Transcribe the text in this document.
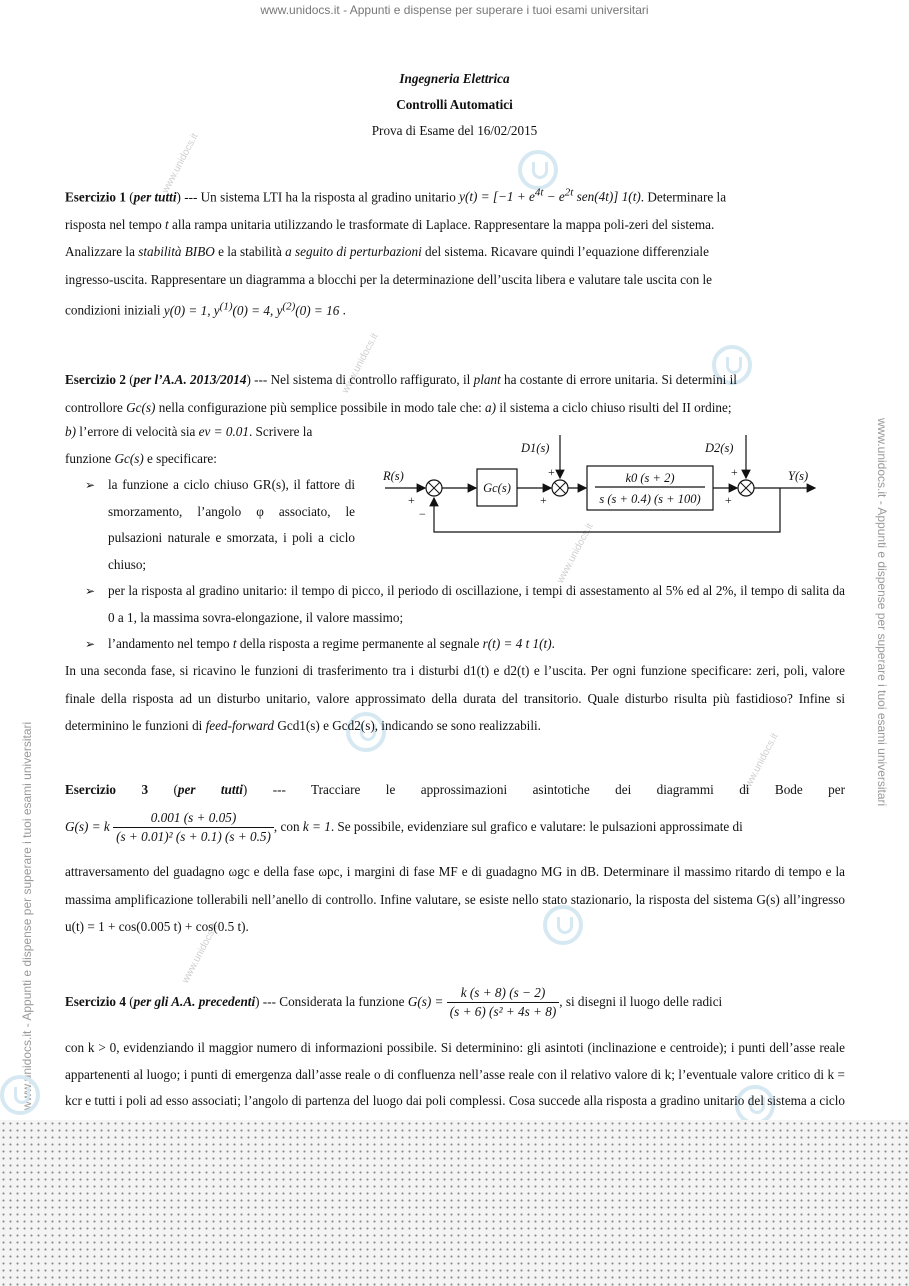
www.unidocs.it - Appunti e dispense per superare i tuoi esami universitari
www.unidocs.it - Appunti e dispense per superare i tuoi esami universitari
www.unidocs.it - Appunti e dispense per superare i tuoi esami universitari
www.unidocs.it
www.unidocs.it
www.unidocs.it
www.unidocs.it
www.unidocs.it
Ingegneria Elettrica
Controlli Automatici
Prova di Esame del 16/02/2015
Esercizio 1 (per tutti) --- Un sistema LTI ha la risposta al gradino unitario $y(t) = [-1 + e^{4t} - e^{2t}$ sen(4t)] 1(t). Determinare la
risposta nel tempo t alla rampa unitaria utilizzando le trasformate di Laplace. Rappresentare la mappa poli-zeri del sistema.
Analizzare la stabilità BIBO e la stabilità a seguito di perturbazioni del sistema. Ricavare quindi l’equazione differenziale
ingresso-uscita. Rappresentare un diagramma a blocchi per la determinazione dell’uscita libera e valutare tale uscita con le
condizioni iniziali y(0) = 1, $y^{(1)}(0) = 4$, $y^{(2)}(0) = 16$ .
Esercizio 2 (per l’A.A. 2013/2014) --- Nel sistema di controllo raffigurato, il plant ha costante di errore unitaria. Si determini il
controllore Gc(s) nella configurazione più semplice possibile in modo tale che: a) il sistema a ciclo chiuso risulti del II ordine;
b) l’errore di velocità sia ev = 0.01. Scrivere la
funzione Gc(s) e specificare:
➢ la funzione a ciclo chiuso GR(s), il fattore di smorzamento, l’angolo φ associato, le pulsazioni naturale e smorzata, i poli a ciclo chiuso;
➢ per la risposta al gradino unitario: il tempo di picco, il periodo di oscillazione, i tempi di assestamento al 5% ed al 2%, il tempo di salita da 0 a 1, la massima sovra-elongazione, il valore massimo;
➢ l’andamento nel tempo t della risposta a regime permanente al segnale r(t) = 4 t 1(t).
In una seconda fase, si ricavino le funzioni di trasferimento tra i disturbi d1(t) e d2(t) e l’uscita. Per ogni funzione specificare: zeri, poli, valore finale della risposta ad un disturbo unitario, valore approssimato della durata del transitorio. Quale disturbo risulta più fastidioso? Infine si determinino le funzioni di feed-forward Gcd1(s) e Gcd2(s), indicando se sono realizzabili.
R(s)	Y(s)
D1(s)	D2(s)
Gc(s)
k0 (s + 2)
s (s + 0.4) (s + 100)
+
−
+
+
+
+
Esercizio 3 (per tutti) --- Tracciare le approssimazioni asintotiche dei diagrammi di Bode per
G(s) = k $\frac{0.001 (s + 0.05)}{\text{(s + 0.01)² (s + 0.1) (s + 0.5)}}$ , con k = 1. Se possibile, evidenziare sul grafico e valutare: le pulsazioni approssimate di
attraversamento del guadagno ωgc e della fase ωpc, i margini di fase MF e di guadagno MG in dB. Determinare il massimo ritardo di tempo e la massima amplificazione tollerabili nell’anello di controllo. Infine valutare, se esiste nello stato stazionario, la risposta del sistema G(s) all’ingresso u(t) = 1 + cos(0.005 t) + cos(0.5 t).
Esercizio 4 (per gli A.A. precedenti) --- Considerata la funzione $G(s) = \frac{k (s + 8) (s - 2)}{\text{(s + 6) (s² + 4s + 8)}}$ , si disegni il luogo delle radici
con k > 0, evidenziando il maggior numero di informazioni possibile. Si determinino: gli asintoti (inclinazione e centroide); i punti dell’asse reale appartenenti al luogo; i punti di emergenza dall’asse reale o di confluenza nell’asse reale con il relativo valore di k; l’eventuale valore critico di k = kcr e tutti i poli ad esso associati; l’angolo di partenza del luogo dai poli complessi. Cosa succede alla risposta a gradino unitario del sistema a ciclo
